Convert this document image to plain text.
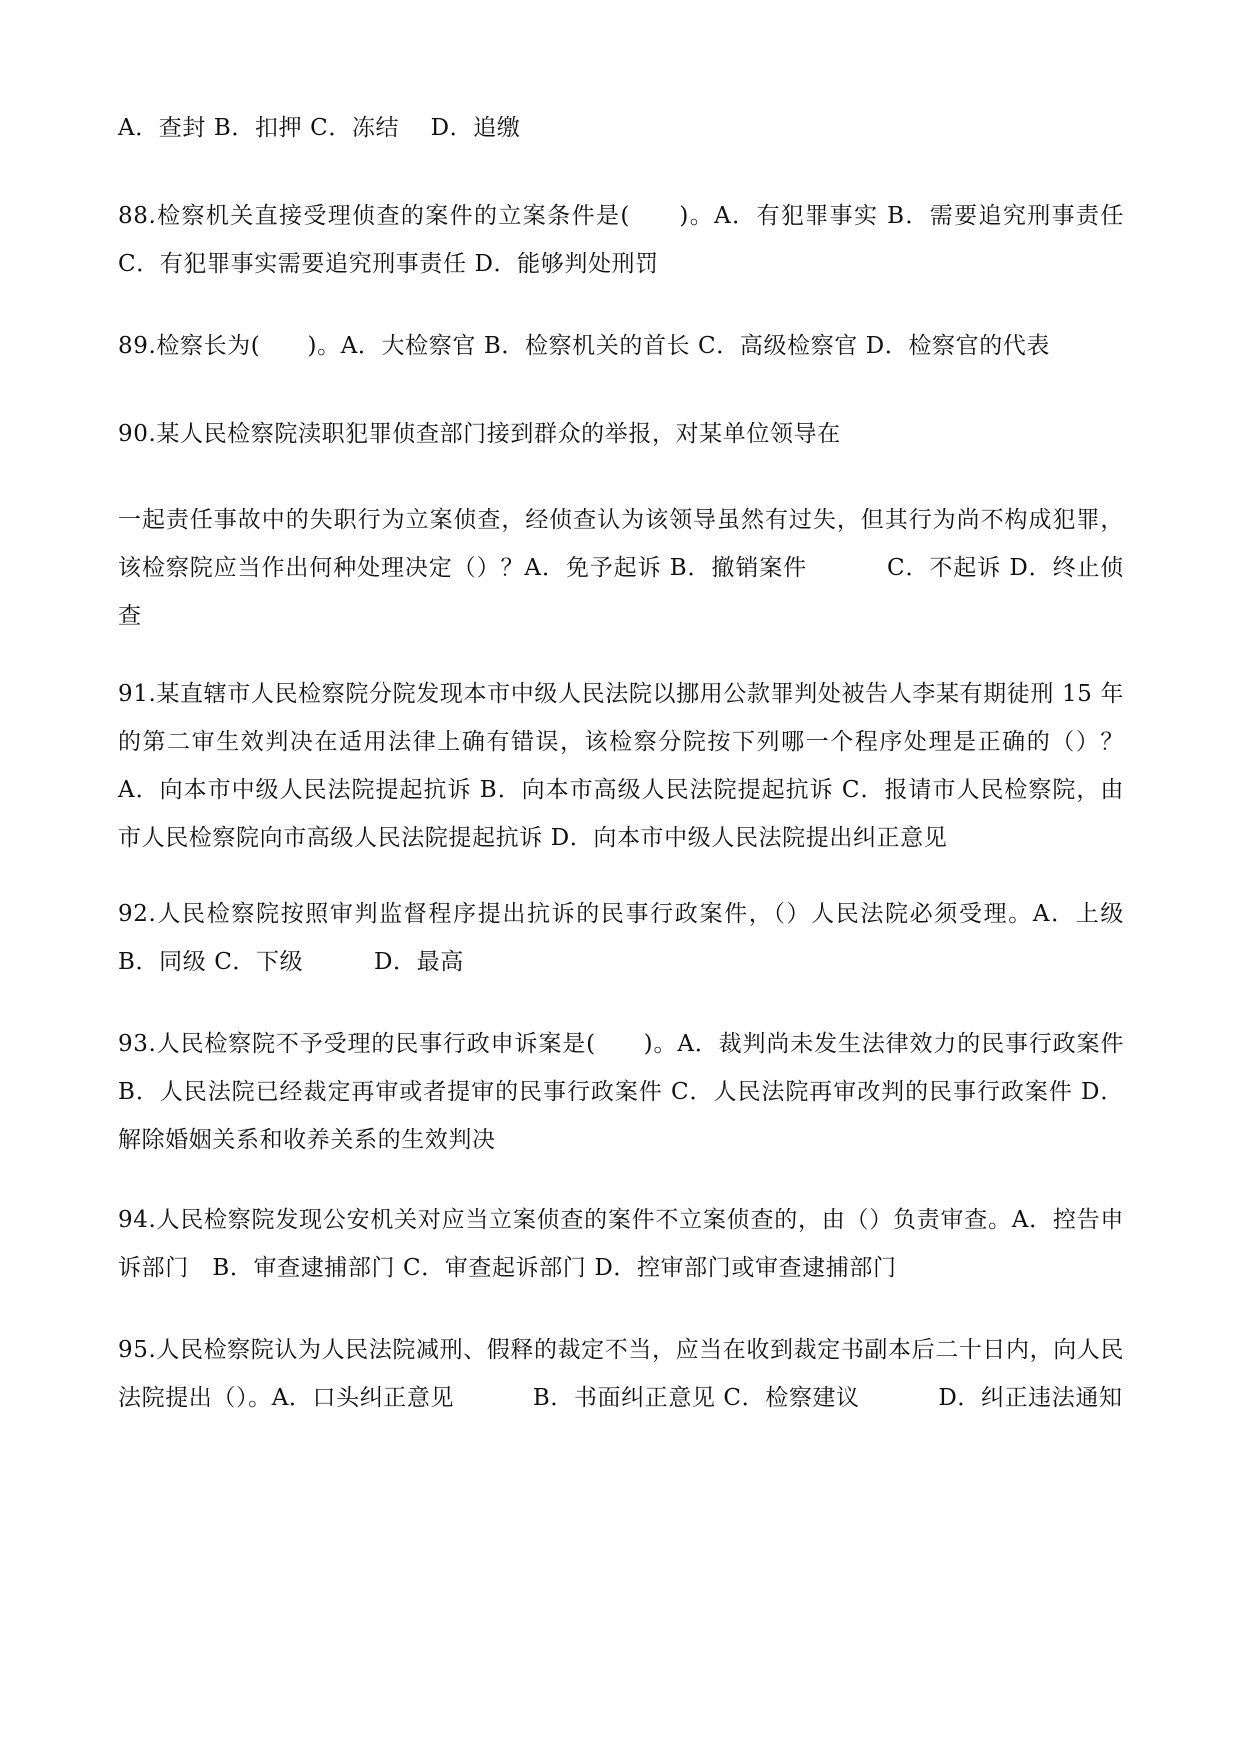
A．查封 B．扣押 C．冻结　 D．追缴

88.检察机关直接受理侦查的案件的立案条件是(　　)。A．有犯罪事实 B．需要追究刑事责任 C．有犯罪事实需要追究刑事责任 D．能够判处刑罚

89.检察长为(　　)。A．大检察官 B．检察机关的首长 C．高级检察官 D．检察官的代表

90.某人民检察院渎职犯罪侦查部门接到群众的举报，对某单位领导在

一起责任事故中的失职行为立案侦查，经侦查认为该领导虽然有过失，但其行为尚不构成犯罪，该检察院应当作出何种处理决定（）？A．免予起诉 B．撤销案件　　　 C．不起诉 D．终止侦查

91.某直辖市人民检察院分院发现本市中级人民法院以挪用公款罪判处被告人李某有期徒刑 15 年的第二审生效判决在适用法律上确有错误，该检察分院按下列哪一个程序处理是正确的（）？ A．向本市中级人民法院提起抗诉 B．向本市高级人民法院提起抗诉 C．报请市人民检察院，由市人民检察院向市高级人民法院提起抗诉 D．向本市中级人民法院提出纠正意见

92.人民检察院按照审判监督程序提出抗诉的民事行政案件，（）人民法院必须受理。A．上级 B．同级 C．下级　　　D．最高

93.人民检察院不予受理的民事行政申诉案是(　　)。A．裁判尚未发生法律效力的民事行政案件 B．人民法院已经裁定再审或者提审的民事行政案件 C．人民法院再审改判的民事行政案件 D．解除婚姻关系和收养关系的生效判决

94.人民检察院发现公安机关对应当立案侦查的案件不立案侦查的，由（）负责审查。A．控告申诉部门　B．审查逮捕部门 C．审查起诉部门 D．控审部门或审查逮捕部门

95.人民检察院认为人民法院减刑、假释的裁定不当，应当在收到裁定书副本后二十日内，向人民法院提出（）。A．口头纠正意见　　　 B．书面纠正意见 C．检察建议　　　 D．纠正违法通知
